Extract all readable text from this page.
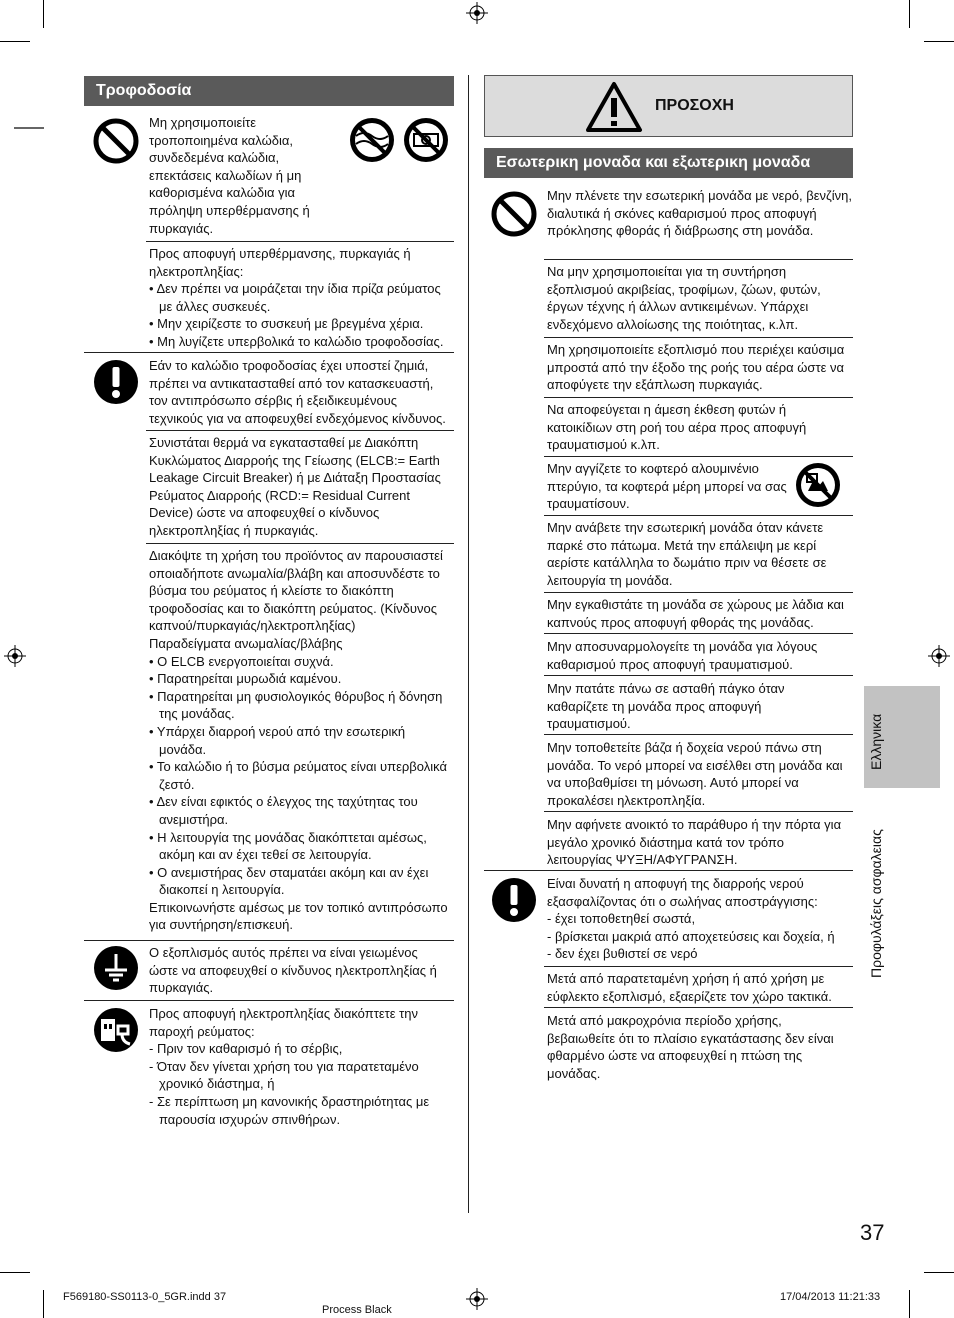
Τροφοδοσία

Μη χρησιμοποιείτε

τροποποιημένα καλώδια,

συνδεδεμένα καλώδια,

επεκτάσεις καλωδίων ή μη

καθορισμένα καλώδια για

πρόληψη υπερθέρμανσης ή

πυρκαγιάς.

Προς αποφυγή υπερθέρμανσης, πυρκαγιάς ή ηλεκτροπληξίας:

• Δεν πρέπει να μοιράζεται την ίδια πρίζα ρεύματος με άλλες συσκευές.

• Μην χειρίζεστε το συσκευή με βρεγμένα χέρια.

• Μη λυγίζετε υπερβολικά το καλώδιο τροφοδοσίας.

Εάν το καλώδιο τροφοδοσίας έχει υποστεί ζημιά, πρέπει να αντικατασταθεί από τον κατασκευαστή, τον αντιπρόσωπο σέρβις ή εξειδικευμένους τεχνικούς για να αποφευχθεί ενδεχόμενος κίνδυνος.

Συνιστάται θερμά να εγκατασταθεί με Διακόπτη Κυκλώματος Διαρροής της Γείωσης (ELCB:= Earth Leakage Circuit Breaker) ή με Διάταξη Προστασίας Ρεύματος Διαρροής (RCD:= Residual Current Device) ώστε να αποφευχθεί ο κίνδυνος ηλεκτροπληξίας ή πυρκαγιάς.

Διακόψτε τη χρήση του προϊόντος αν παρουσιαστεί οποιαδήποτε ανωμαλία/βλάβη και αποσυνδέστε το βύσμα του ρεύματος ή κλείστε το διακόπτη τροφοδοσίας και το διακόπτη ρεύματος. (Κίνδυνος καπνού/πυρκαγιάς/ηλεκτροπληξίας)

Παραδείγματα ανωμαλίας/βλάβης

• Ο ELCB ενεργοποιείται συχνά.

• Παρατηρείται μυρωδιά καμένου.

• Παρατηρείται μη φυσιολογικός θόρυβος ή δόνηση της μονάδας.

• Υπάρχει διαρροή νερού από την εσωτερική μονάδα.

• Το καλώδιο ή το βύσμα ρεύματος είναι υπερβολικά ζεστό.

• Δεν είναι εφικτός ο έλεγχος της ταχύτητας του ανεμιστήρα.

• Η λειτουργία της μονάδας διακόπτεται αμέσως, ακόμη και αν έχει τεθεί σε λειτουργία.

• Ο ανεμιστήρας δεν σταματάει ακόμη και αν έχει διακοπεί η λειτουργία.

Επικοινωνήστε αμέσως με τον τοπικό αντιπρόσωπο για συντήρηση/επισκευή.

Ο εξοπλισμός αυτός πρέπει να είναι γειωμένος ώστε να αποφευχθεί ο κίνδυνος ηλεκτροπληξίας ή πυρκαγιάς.

Προς αποφυγή ηλεκτροπληξίας διακόπτετε την παροχή ρεύματος:

- Πριν τον καθαρισμό ή το σέρβις,

- Όταν δεν γίνεται χρήση του για παρατεταμένο χρονικό διάστημα, ή

- Σε περίπτωση μη κανονικής δραστηριότητας με παρουσία ισχυρών σπινθήρων.

ΠΡΟΣΟΧΗ
Εσωτερικη μοναδα και εξωτερικη μοναδα

Μην πλένετε την εσωτερική μονάδα με νερό, βενζίνη, διαλυτικά ή σκόνες καθαρισμού προς αποφυγή πρόκλησης φθοράς ή διάβρωσης στη μονάδα.

Να μην χρησιμοποιείται για τη συντήρηση εξοπλισμού ακριβείας, τροφίμων, ζώων, φυτών, έργων τέχνης ή άλλων αντικειμένων. Υπάρχει ενδεχόμενο αλλοίωσης της ποιότητας, κ.λπ.

Μη χρησιμοποιείτε εξοπλισμό που περιέχει καύσιμα μπροστά από την έξοδο της ροής του αέρα ώστε να αποφύγετε την εξάπλωση πυρκαγιάς.

Να αποφεύγεται η άμεση έκθεση φυτών ή κατοικίδιων στη ροή του αέρα προς αποφυγή τραυματισμού κ.λπ.

Μην αγγίζετε το κοφτερό αλουμινένιο

πτερύγιο, τα κοφτερά μέρη μπορεί να σας

τραυματίσουν.

Μην ανάβετε την εσωτερική μονάδα όταν κάνετε παρκέ στο πάτωμα. Μετά την επάλειψη με κερί αερίστε κατάλληλα το δωμάτιο πριν να θέσετε σε λειτουργία τη μονάδα.

Μην εγκαθιστάτε τη μονάδα σε χώρους με λάδια και καπνούς προς αποφυγή φθοράς της μονάδας.

Μην αποσυναρμολογείτε τη μονάδα για λόγους καθαρισμού προς αποφυγή τραυματισμού.

Μην πατάτε πάνω σε ασταθή πάγκο όταν καθαρίζετε τη μονάδα προς αποφυγή τραυματισμού.

Μην τοποθετείτε βάζα ή δοχεία νερού πάνω στη μονάδα. Το νερό μπορεί να εισέλθει στη μονάδα και να υποβαθμίσει τη μόνωση. Αυτό μπορεί να προκαλέσει ηλεκτροπληξία.

Μην αφήνετε ανοικτό το παράθυρο ή την πόρτα για μεγάλο χρονικό διάστημα κατά τον τρόπο λειτουργίας ΨΥΞΗ/ΑΦΥΓΡΑΝΣΗ.

Είναι δυνατή η αποφυγή της διαρροής νερού εξασφαλίζοντας ότι ο σωλήνας αποστράγγισης:

- έχει τοποθετηθεί σωστά,

- βρίσκεται μακριά από αποχετεύσεις και δοχεία, ή

- δεν έχει βυθιστεί σε νερό

Μετά από παρατεταμένη χρήση ή από χρήση με εύφλεκτο εξοπλισμό, εξαερίζετε τον χώρο τακτικά.

Μετά από μακροχρόνια περίοδο χρήσης, βεβαιωθείτε ότι το πλαίσιο εγκατάστασης δεν είναι φθαρμένο ώστε να αποφευχθεί η πτώση της μονάδας.

Ελληνικα
Προφυλάξεις ασφαλειας
37
F569180-SS0113-0_5GR.indd 37
Process Black
17/04/2013 11:21:33
